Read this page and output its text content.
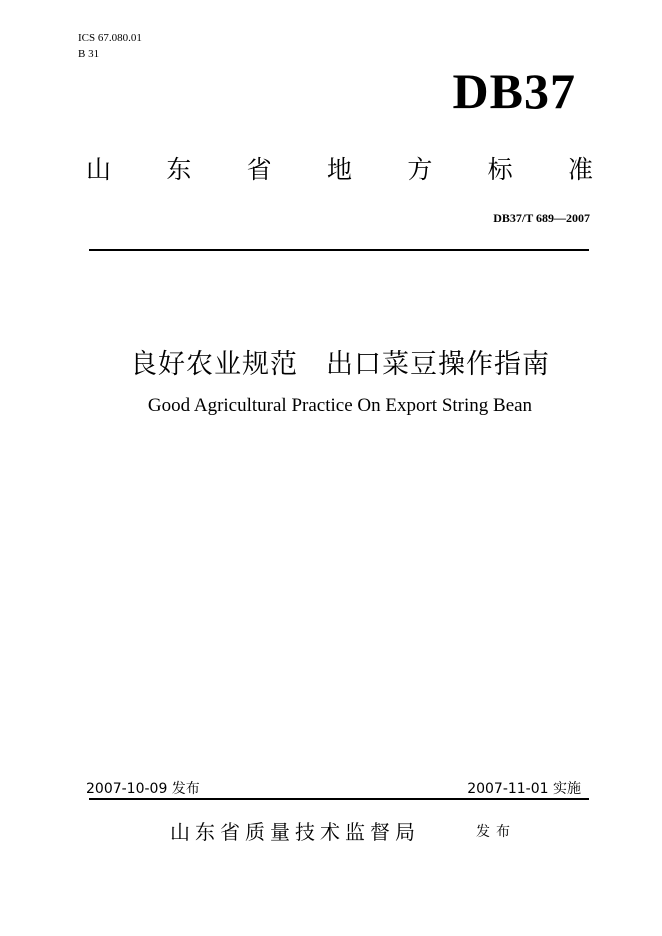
ICS 67.080.01
B 31
DB37
山 东 省 地 方 标 准
DB37/T 689—2007
良好农业规范　出口菜豆操作指南
Good Agricultural Practice On Export String Bean
2007-10-09 发布	2007-11-01 实施
山东省质量技术监督局	发布
